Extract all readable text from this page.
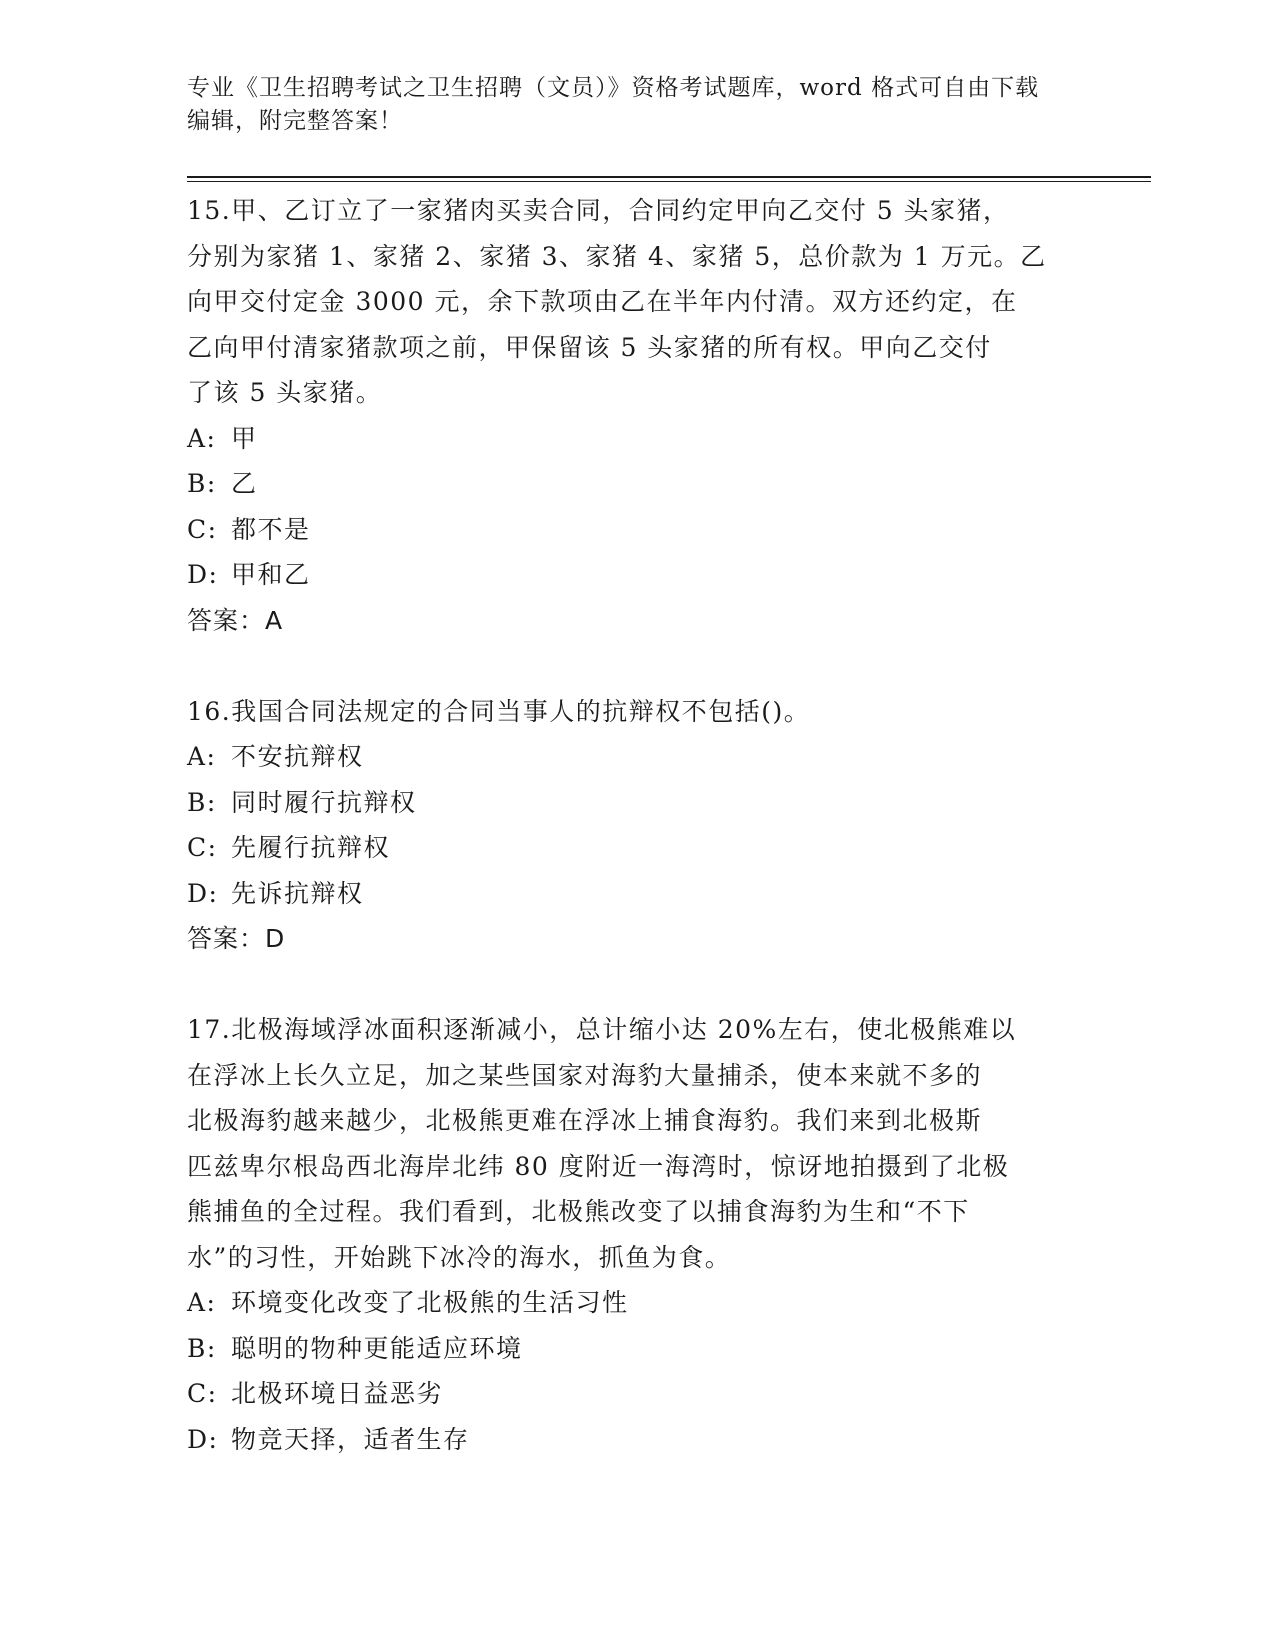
专业《卫生招聘考试之卫生招聘（文员）》资格考试题库，word 格式可自由下载
编辑，附完整答案！

15.甲、乙订立了一家猪肉买卖合同，合同约定甲向乙交付 5 头家猪，
分别为家猪 1、家猪 2、家猪 3、家猪 4、家猪 5，总价款为 1 万元。乙
向甲交付定金 3000 元，余下款项由乙在半年内付清。双方还约定，在
乙向甲付清家猪款项之前，甲保留该 5 头家猪的所有权。甲向乙交付
了该 5 头家猪。

A: 甲

B: 乙

C: 都不是

D: 甲和乙

答案：A

16.我国合同法规定的合同当事人的抗辩权不包括()。

A: 不安抗辩权

B: 同时履行抗辩权

C: 先履行抗辩权

D: 先诉抗辩权

答案：D

17.北极海域浮冰面积逐渐减小，总计缩小达 20%左右，使北极熊难以
在浮冰上长久立足，加之某些国家对海豹大量捕杀，使本来就不多的
北极海豹越来越少，北极熊更难在浮冰上捕食海豹。我们来到北极斯
匹兹卑尔根岛西北海岸北纬 80 度附近一海湾时，惊讶地拍摄到了北极
熊捕鱼的全过程。我们看到，北极熊改变了以捕食海豹为生和“不下
水”的习性，开始跳下冰冷的海水，抓鱼为食。

A: 环境变化改变了北极熊的生活习性

B: 聪明的物种更能适应环境

C: 北极环境日益恶劣

D: 物竞天择，适者生存
